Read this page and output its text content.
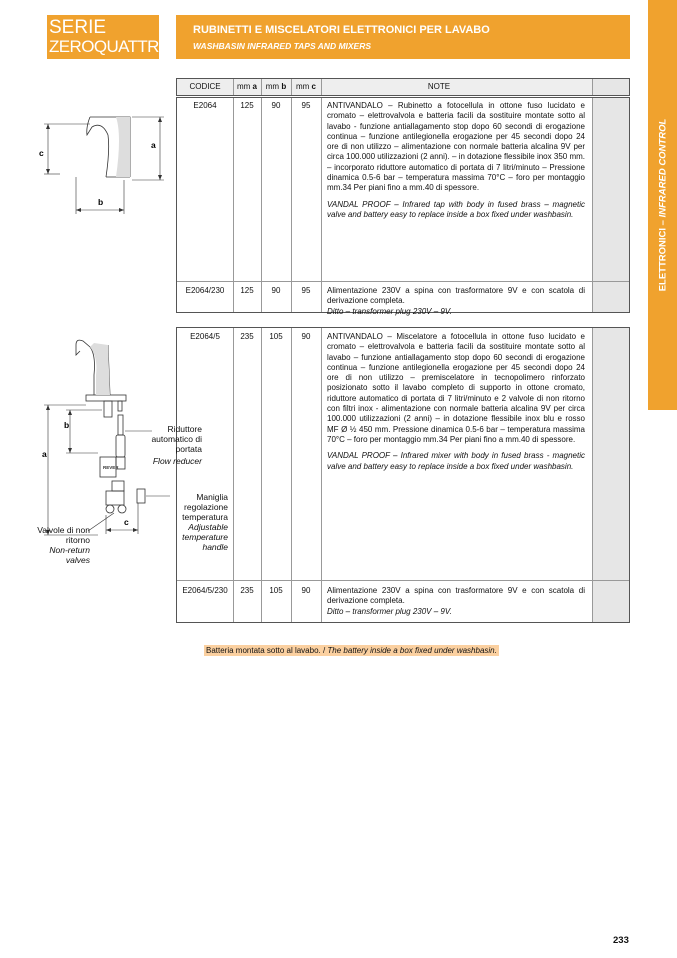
SERIE
ZEROQUATTRO
RUBINETTI E MISCELATORI ELETTRONICI PER LAVABO
WASHBASIN INFRARED TAPS AND MIXERS
ELETTRONICI – INFRARED CONTROL
CODICE	mm a	mm b	mm c	NOTE
E2064	125	90	95	ANTIVANDALO – Rubinetto a fotocellula in ottone fuso lucidato e cromato – elettrovalvola e batteria facili da sostituire montate sotto al lavabo - funzione antiallagamento stop dopo 60 secondi di erogazione continua – funzione antilegionella erogazione per 45 secondi dopo 24 ore di non utilizzo – alimentazione con normale batteria alcalina 9V per circa 100.000 utilizzazioni (2 anni). – in dotazione flessibile inox 350 mm. – incorporato riduttore automatico di portata di 7 litri/minuto – Pressione dinamica 0.5-6 bar – temperatura massima 70°C – foro per montaggio mm.34 Per piani fino a mm.40 di spessore.
VANDAL PROOF – Infrared tap with body in fused brass – magnetic valve and battery easy to replace inside a box fixed under washbasin.
E2064/230	125	90	95	Alimentazione 230V a spina con trasformatore 9V e con scatola di derivazione completa.
Ditto – transformer plug 230V – 9V.
E2064/5	235	105	90	ANTIVANDALO – Miscelatore a fotocellula in ottone fuso lucidato e cromato – elettrovalvola e batteria facili da sostituire montate sotto al lavabo – funzione antiallagamento stop dopo 60 secondi di erogazione continua – funzione antilegionella erogazione per 45 secondi dopo 24 ore di non utilizzo – premiscelatore in tecnopolimero rinforzato posizionato sotto il lavabo completo di supporto in ottone cromato, riduttore automatico di portata di 7 litri/minuto e 2 valvole di non ritorno con filtri inox - alimentazione con normale batteria alcalina 9V per circa 100.000 utilizzazioni (2 anni) – in dotazione flessibile inox blu e rosso MF Ø ½ 450 mm. Pressione dinamica 0.5-6 bar – temperatura massima 70°C – foro per montaggio mm.34 Per piani fino a mm.40 di spessore.
VANDAL PROOF – Infrared mixer with body in fused brass - magnetic valve and battery easy to replace inside a box fixed under washbasin.
E2064/5/230	235	105	90	Alimentazione 230V a spina con trasformatore 9V e con scatola di derivazione completa.
Ditto – transformer plug 230V – 9V.
c
a
b
REVER
a
b
c
Riduttore automatico di portata
Flow reducer
Maniglia regolazione temperatura
Adjustable temperature handle
Valvole di non ritorno
Non-return valves
Batteria montata sotto al lavabo. / The battery inside a box fixed under washbasin.
233
